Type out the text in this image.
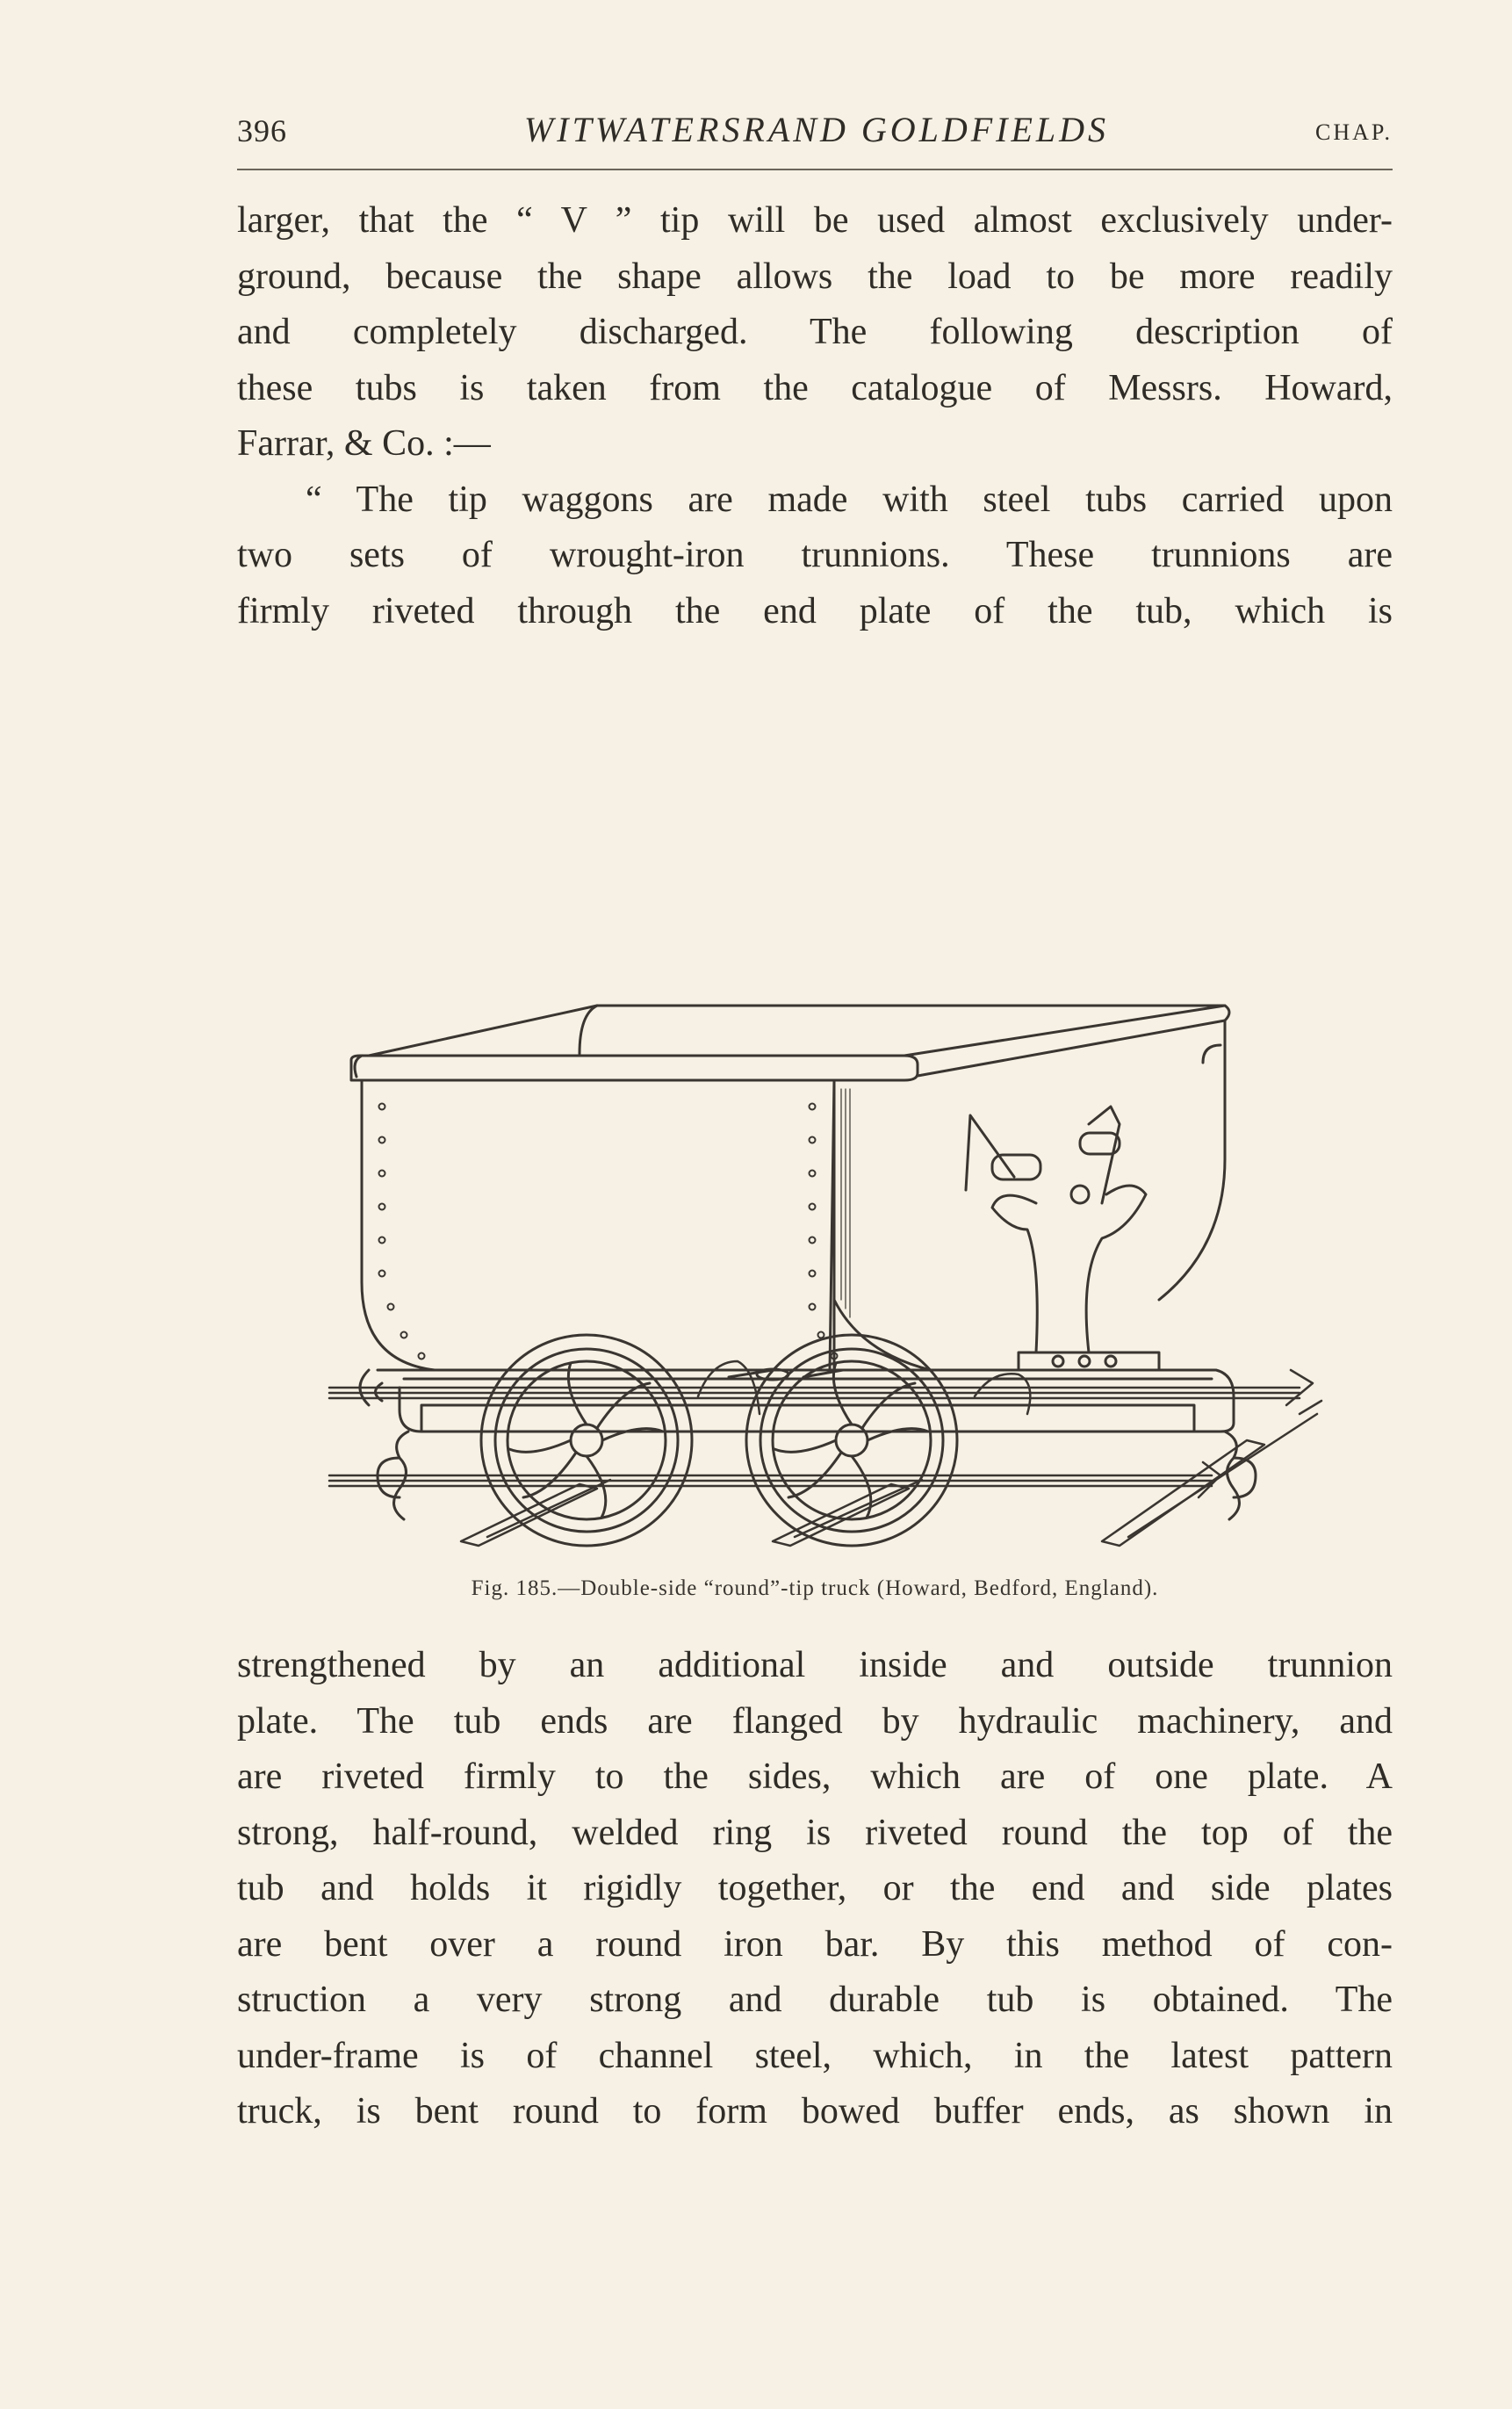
396	WITWATERSRAND GOLDFIELDS	CHAP.
larger, that the “ V ” tip will be used almost exclusively under-
ground, because the shape allows the load to be more readily
and completely discharged. The following description of
these tubs is taken from the catalogue of Messrs. Howard,
Farrar, & Co. :—
“ The tip waggons are made with steel tubs carried upon
two sets of wrought-iron trunnions. These trunnions are
firmly riveted through the end plate of the tub, which is
Fig. 185.—Double-side “round”-tip truck (Howard, Bedford, England).
strengthened by an additional inside and outside trunnion
plate. The tub ends are flanged by hydraulic machinery, and
are riveted firmly to the sides, which are of one plate. A
strong, half-round, welded ring is riveted round the top of the
tub and holds it rigidly together, or the end and side plates
are bent over a round iron bar. By this method of con-
struction a very strong and durable tub is obtained. The
under-frame is of channel steel, which, in the latest pattern
truck, is bent round to form bowed buffer ends, as shown in
